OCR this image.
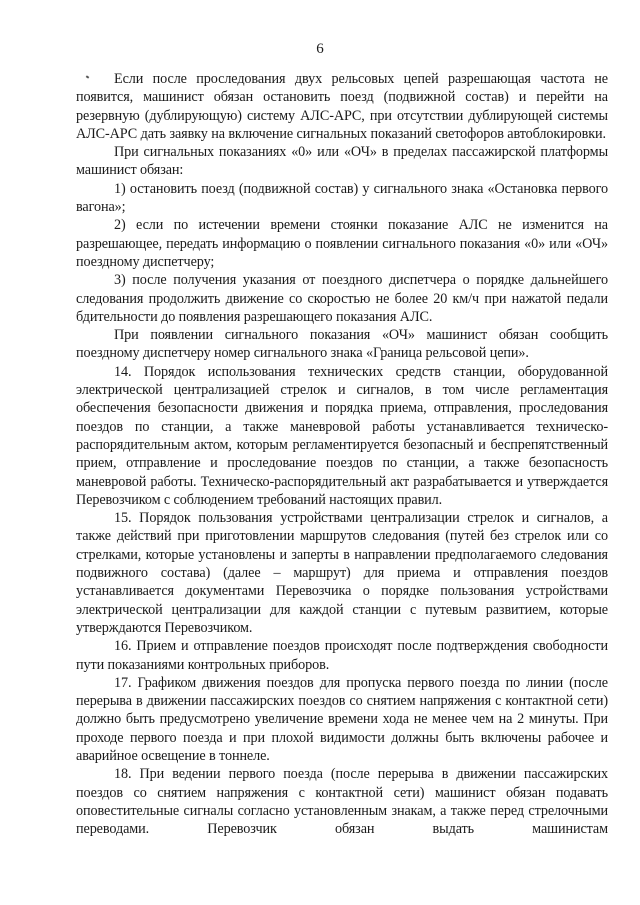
6

Если после проследования двух рельсовых цепей разрешающая частота не появится, машинист обязан остановить поезд (подвижной состав) и перейти на резервную (дублирующую) систему АЛС-АРС, при отсутствии дублирующей системы АЛС-АРС дать заявку на включение сигнальных показаний светофоров автоблокировки.

При сигнальных показаниях «0» или «ОЧ» в пределах пассажирской платформы машинист обязан:

1) остановить поезд (подвижной состав) у сигнального знака «Остановка первого вагона»;

2) если по истечении времени стоянки показание АЛС не изменится на разрешающее, передать информацию о появлении сигнального показания «0» или «ОЧ» поездному диспетчеру;

3) после получения указания от поездного диспетчера о порядке дальнейшего следования продолжить движение со скоростью не более 20 км/ч при нажатой педали бдительности до появления разрешающего показания АЛС.

При появлении сигнального показания «ОЧ» машинист обязан сообщить поездному диспетчеру номер сигнального знака «Граница рельсовой цепи».

14. Порядок использования технических средств станции, оборудованной электрической централизацией стрелок и сигналов, в том числе регламентация обеспечения безопасности движения и порядка приема, отправления, проследования поездов по станции, а также маневровой работы устанавливается техническо-распорядительным актом, которым регламентируется безопасный и беспрепятственный прием, отправление и проследование поездов по станции, а также безопасность маневровой работы. Техническо-распорядительный акт разрабатывается и утверждается Перевозчиком с соблюдением требований настоящих правил.

15. Порядок пользования устройствами централизации стрелок и сигналов, а также действий при приготовлении маршрутов следования (путей без стрелок или со стрелками, которые установлены и заперты в направлении предполагаемого следования подвижного состава) (далее – маршрут) для приема и отправления поездов устанавливается документами Перевозчика о порядке пользования устройствами электрической централизации для каждой станции с путевым развитием, которые утверждаются Перевозчиком.

16. Прием и отправление поездов происходят после подтверждения свободности пути показаниями контрольных приборов.

17. Графиком движения поездов для пропуска первого поезда по линии (после перерыва в движении пассажирских поездов со снятием напряжения с контактной сети) должно быть предусмотрено увеличение времени хода не менее чем на 2 минуты. При проходе первого поезда и при плохой видимости должны быть включены рабочее и аварийное освещение в тоннеле.

18. При ведении первого поезда (после перерыва в движении пассажирских поездов со снятием напряжения с контактной сети) машинист обязан подавать оповестительные сигналы согласно установленным знакам, а также перед стрелочными переводами. Перевозчик обязан выдать машинистам
